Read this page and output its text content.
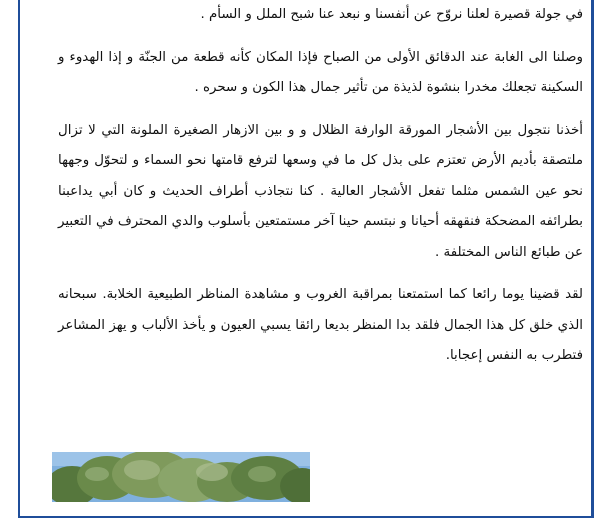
في جولة قصيرة لعلنا نروّح عن أنفسنا و نبعد عنا شبح الملل و السأم .

وصلنا الى الغابة عند الدقائق الأولى من الصباح فإذا المكان كأنه قطعة من الجنّة و إذا الهدوء و السكينة تجعلك مخدرا بنشوة لذيذة من تأثير جمال هذا الكون و سحره .

أخذنا نتجول بين الأشجار المورقة الوارفة الظلال و و بين الازهار الصغيرة الملونة التي لا تزال ملتصقة بأديم الأرض تعتزم على بذل كل ما في وسعها لترفع قامتها نحو السماء و لتحوّل وجهها نحو عين الشمس مثلما تفعل الأشجار العالية . كنا نتجاذب أطراف الحديث و كان أبي يداعبنا بطرائفه المضحكة فنقهقه أحيانا و نبتسم حينا آخر مستمتعين بأسلوب والدي المحترف في التعبير عن طبائع الناس المختلفة .

لقد قضينا يوما رائعا كما استمتعنا بمراقبة الغروب و مشاهدة المناظر الطبيعية الخلابة. سبحانه الذي خلق كل هذا الجمال فلقد بدا المنظر بديعا رائقا يسبي العيون و يأخذ الألباب و يهز المشاعر فتطرب به النفس إعجابا.
